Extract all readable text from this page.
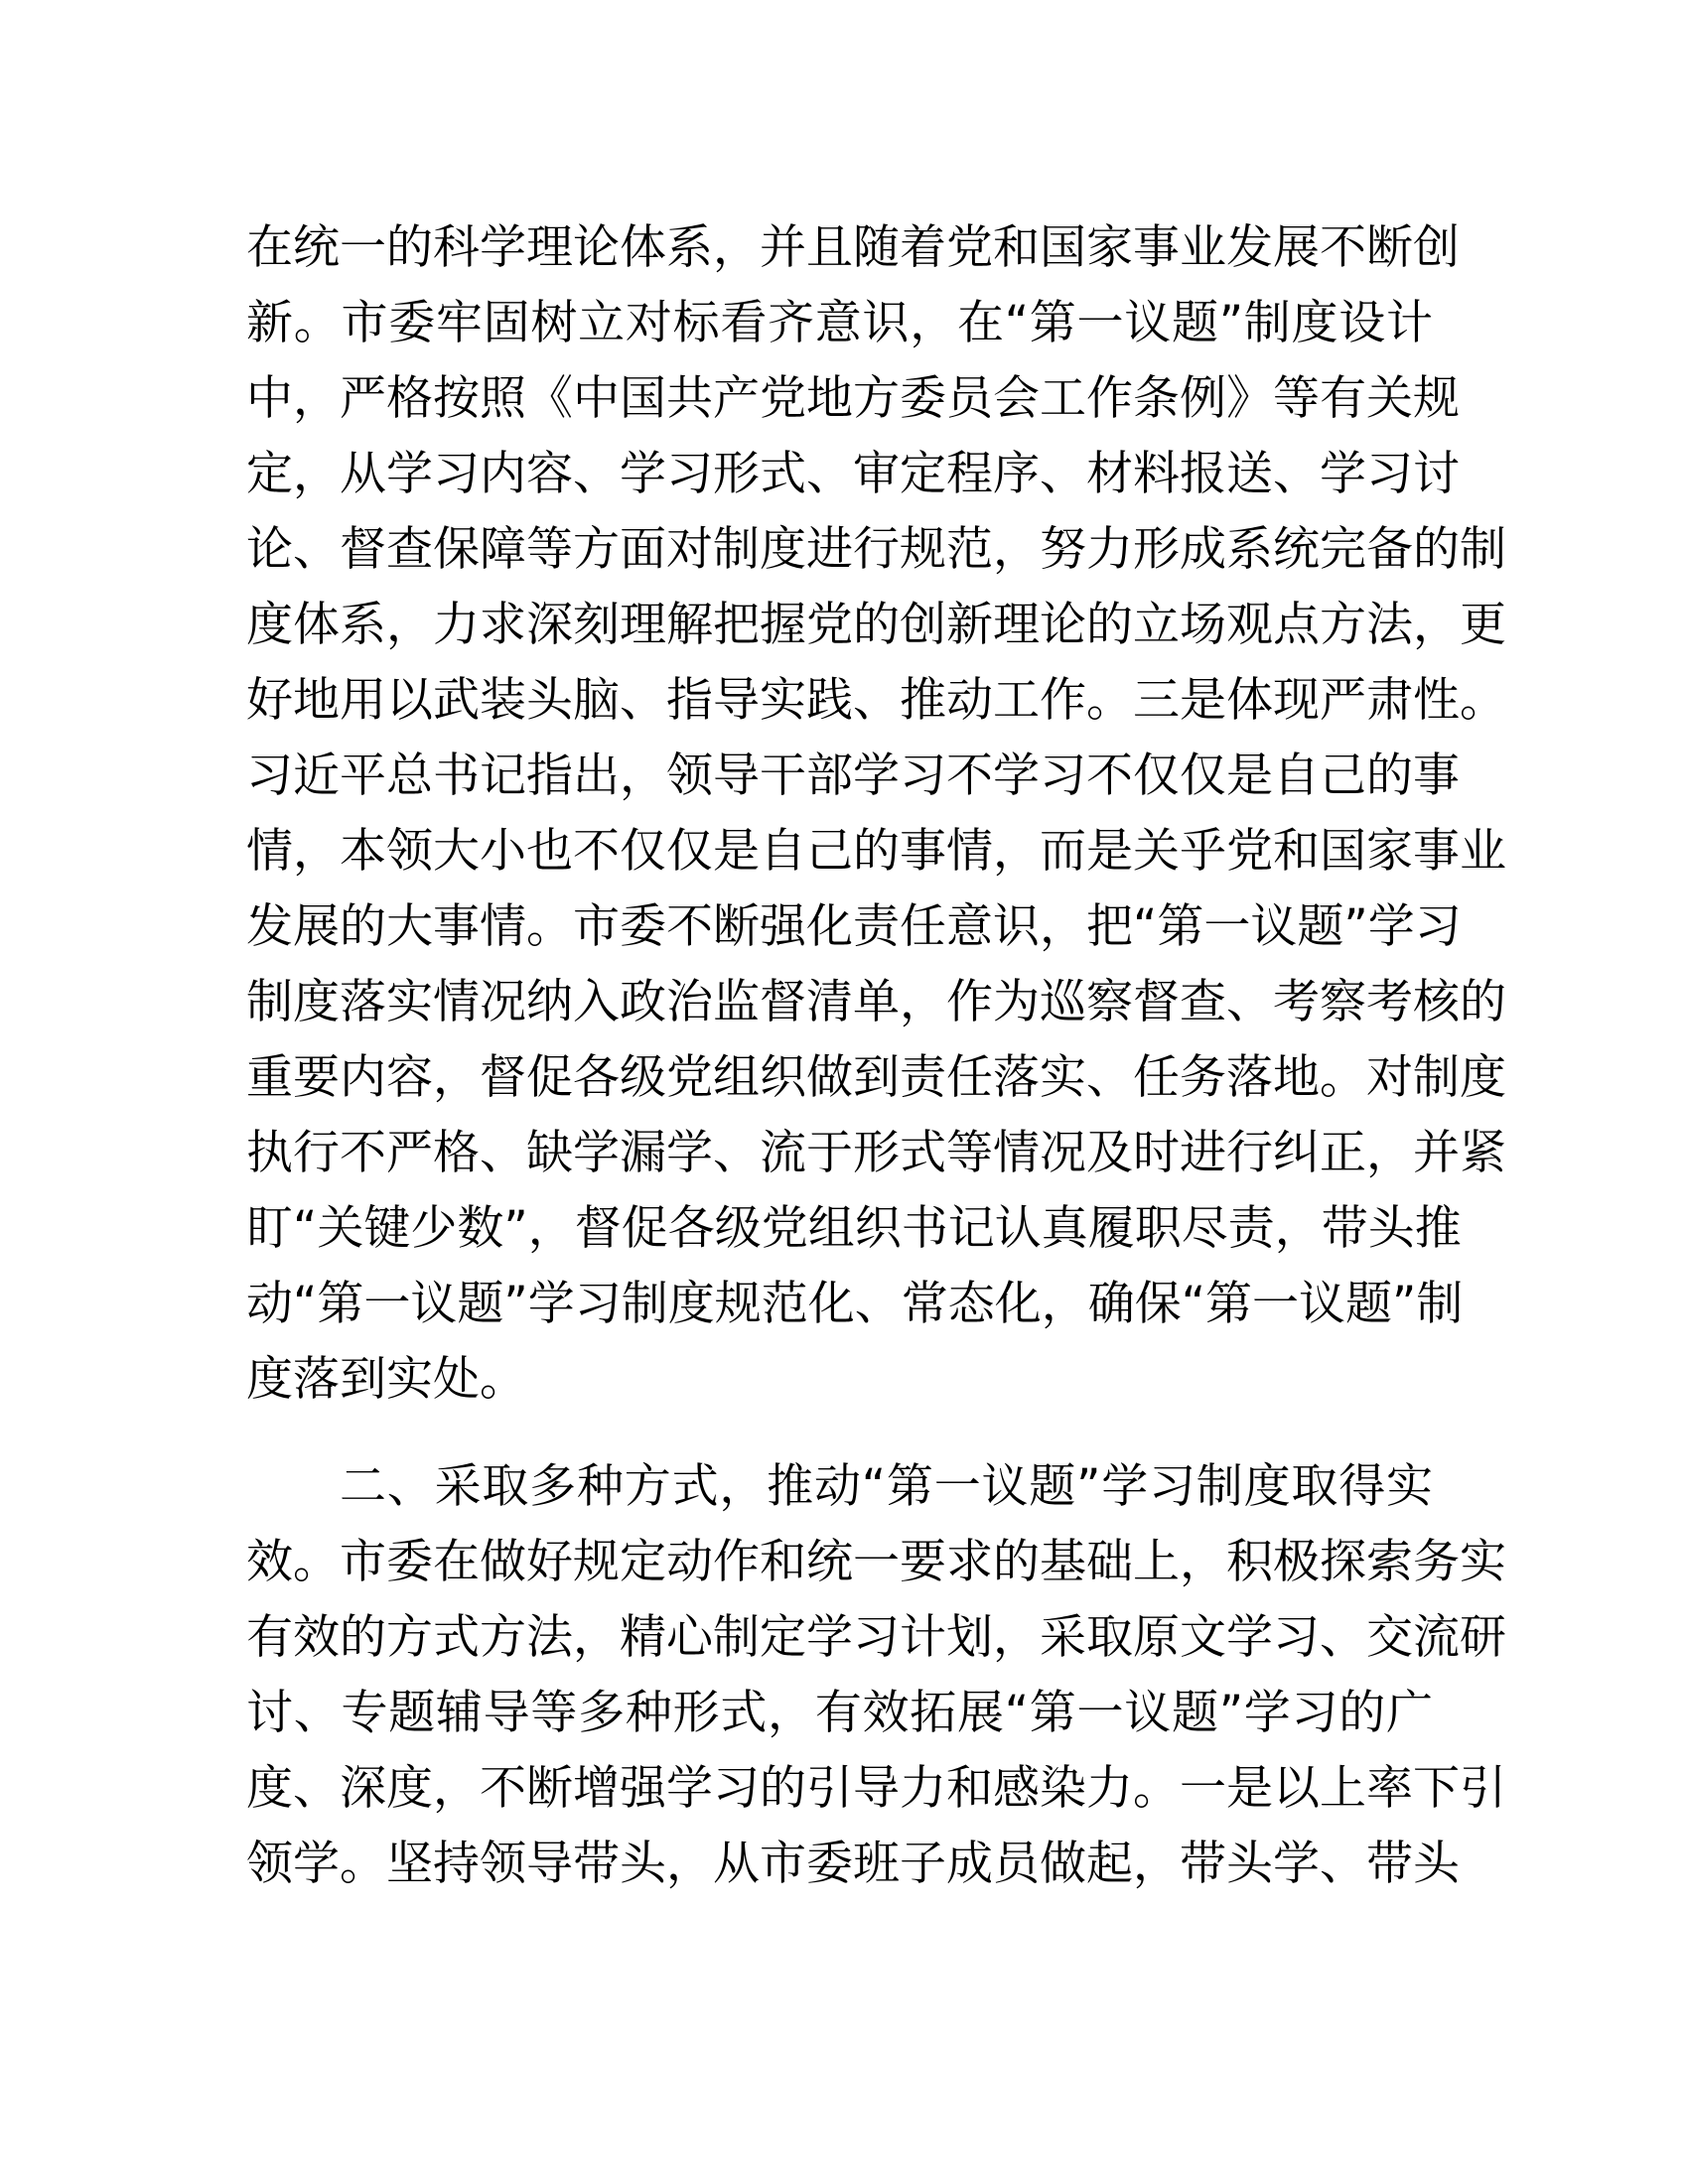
在统一的科学理论体系，并且随着党和国家事业发展不断创
新。市委牢固树立对标看齐意识，在“第一议题”制度设计
中，严格按照《中国共产党地方委员会工作条例》等有关规
定，从学习内容、学习形式、审定程序、材料报送、学习讨
论、督查保障等方面对制度进行规范，努力形成系统完备的制
度体系，力求深刻理解把握党的创新理论的立场观点方法，更
好地用以武装头脑、指导实践、推动工作。三是体现严肃性。
习近平总书记指出，领导干部学习不学习不仅仅是自己的事
情，本领大小也不仅仅是自己的事情，而是关乎党和国家事业
发展的大事情。市委不断强化责任意识，把“第一议题”学习
制度落实情况纳入政治监督清单，作为巡察督查、考察考核的
重要内容，督促各级党组织做到责任落实、任务落地。对制度
执行不严格、缺学漏学、流于形式等情况及时进行纠正，并紧
盯“关键少数”，督促各级党组织书记认真履职尽责，带头推
动“第一议题”学习制度规范化、常态化，确保“第一议题”制
度落到实处。
二、采取多种方式，推动“第一议题”学习制度取得实
效。市委在做好规定动作和统一要求的基础上，积极探索务实
有效的方式方法，精心制定学习计划，采取原文学习、交流研
讨、专题辅导等多种形式，有效拓展“第一议题”学习的广
度、深度，不断增强学习的引导力和感染力。一是以上率下引
领学。坚持领导带头，从市委班子成员做起，带头学、带头
